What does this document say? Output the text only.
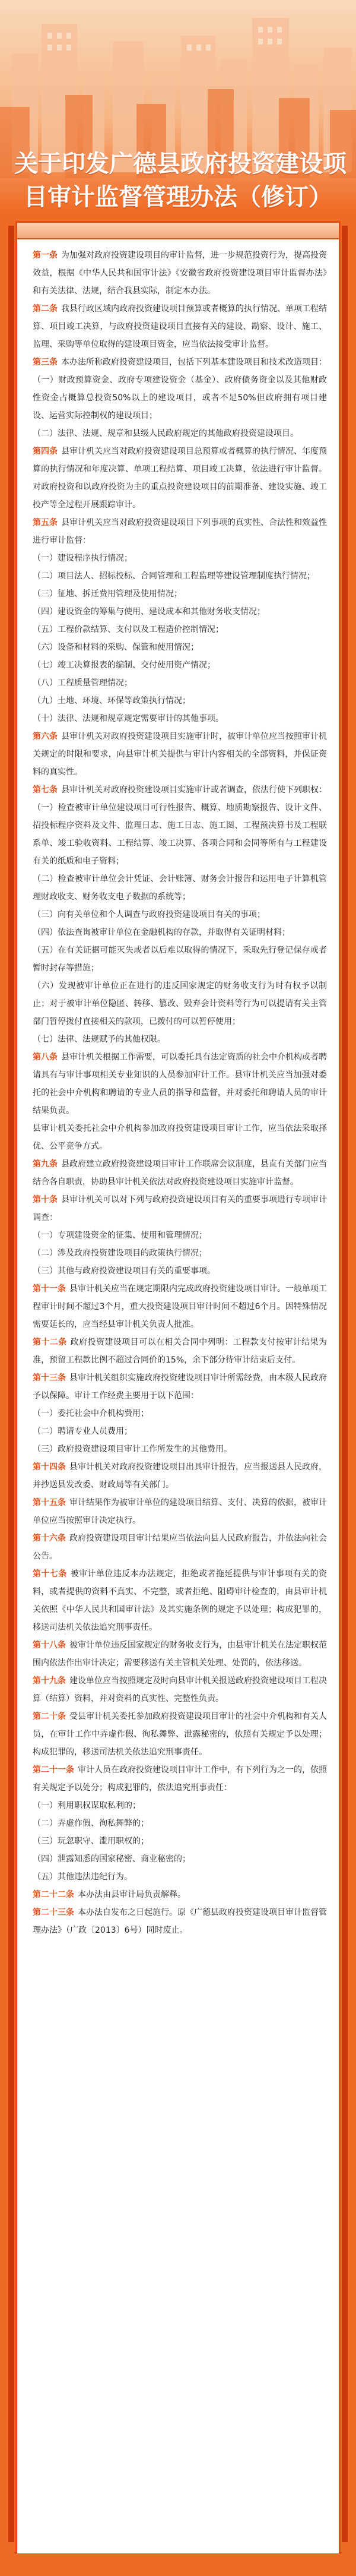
关于印发广德县政府投资建设项
目审计监督管理办法（修订）

第一条 为加强对政府投资建设项目的审计监督，进一步规范投资行为，提高投资效益，根据《中华人民共和国审计法》《安徽省政府投资建设项目审计监督办法》和有关法律、法规，结合我县实际，制定本办法。

第二条 我县行政区域内政府投资建设项目预算或者概算的执行情况、单项工程结算、项目竣工决算，与政府投资建设项目直接有关的建设、勘察、设计、施工、监理、采购等单位取得的建设项目资金，应当依法接受审计监督。

第三条 本办法所称政府投资建设项目，包括下列基本建设项目和技术改造项目：

（一）财政预算资金、政府专项建设资金（基金）、政府债务资金以及其他财政性资金占概算总投资50%以上的建设项目，或者不足50%但政府拥有项目建设、运营实际控制权的建设项目；

（二）法律、法规、规章和县级人民政府规定的其他政府投资建设项目。

第四条 县审计机关应当对政府投资建设项目总预算或者概算的执行情况、年度预算的执行情况和年度决算、单项工程结算、项目竣工决算，依法进行审计监督。对政府投资和以政府投资为主的重点投资建设项目的前期准备、建设实施、竣工投产等全过程开展跟踪审计。

第五条 县审计机关应当对政府投资建设项目下列事项的真实性、合法性和效益性进行审计监督：

（一）建设程序执行情况；

（二）项目法人、招标投标、合同管理和工程监理等建设管理制度执行情况；

（三）征地、拆迁费用管理及使用情况；

（四）建设资金的筹集与使用、建设成本和其他财务收支情况；

（五）工程价款结算、支付以及工程造价控制情况；

（六）设备和材料的采购、保管和使用情况；

（七）竣工决算报表的编制、交付使用资产情况；

（八）工程质量管理情况；

（九）土地、环境、环保等政策执行情况；

（十）法律、法规和规章规定需要审计的其他事项。

第六条 县审计机关对政府投资建设项目实施审计时，被审计单位应当按照审计机关规定的时限和要求，向县审计机关提供与审计内容相关的全部资料，并保证资料的真实性。

第七条 县审计机关对政府投资建设项目实施审计或者调查，依法行使下列职权：

（一）检查被审计单位建设项目可行性报告、概算、地质勘察报告、设计文件、招投标程序资料及文件、监理日志、施工日志、施工图、工程预决算书及工程联系单、竣工验收资料、工程结算、竣工决算、各项合同和会同等所有与工程建设有关的纸质和电子资料；

（二）检查被审计单位会计凭证、会计账簿、财务会计报告和运用电子计算机管理财政收支、财务收支电子数据的系统等；

（三）向有关单位和个人调查与政府投资建设项目有关的事项；

（四）依法查询被审计单位在金融机构的存款，并取得有关证明材料；

（五）在有关证据可能灭失或者以后难以取得的情况下，采取先行登记保存或者暂时封存等措施；

（六）发现被审计单位正在进行的违反国家规定的财务收支行为时有权予以制止；对于被审计单位隐匿、转移、篡改、毁弃会计资料等行为可以提请有关主管部门暂停拨付直接相关的款项，已拨付的可以暂停使用；

（七）法律、法规赋予的其他权限。

第八条 县审计机关根据工作需要，可以委托具有法定资质的社会中介机构或者聘请具有与审计事项相关专业知识的人员参加审计工作。县审计机关应当加强对委托的社会中介机构和聘请的专业人员的指导和监督，并对委托和聘请人员的审计结果负责。

县审计机关委托社会中介机构参加政府投资建设项目审计工作，应当依法采取择优、公平竞争方式。

第九条 县政府建立政府投资建设项目审计工作联席会议制度，县直有关部门应当结合各自职责，协助县审计机关依法对政府投资建设项目实施审计监督。

第十条 县审计机关可以对下列与政府投资建设项目有关的重要事项进行专项审计调查：

（一）专项建设资金的征集、使用和管理情况；

（二）涉及政府投资建设项目的政策执行情况；

（三）其他与政府投资建设项目有关的重要事项。

第十一条 县审计机关应当在规定期限内完成政府投资建设项目审计。一般单项工程审计时间不超过3个月，重大投资建设项目审计时间不超过6个月。因特殊情况需要延长的，应当经县审计机关负责人批准。

第十二条 政府投资建设项目可以在相关合同中列明：工程款支付按审计结果为准，预留工程款比例不超过合同价的15%，余下部分待审计结束后支付。

第十三条 县审计机关组织实施政府投资建设项目审计所需经费，由本级人民政府予以保障。审计工作经费主要用于以下范围：

（一）委托社会中介机构费用；

（二）聘请专业人员费用；

（三）政府投资建设项目审计工作所发生的其他费用。

第十四条 县审计机关对政府投资建设项目出具审计报告，应当报送县人民政府，并抄送县发改委、财政局等有关部门。

第十五条 审计结果作为被审计单位的建设项目结算、支付、决算的依据，被审计单位应当按照审计决定执行。

第十六条 政府投资建设项目审计结果应当依法向县人民政府报告，并依法向社会公告。

第十七条 被审计单位违反本办法规定，拒绝或者拖延提供与审计事项有关的资料，或者提供的资料不真实、不完整，或者拒绝、阻碍审计检查的，由县审计机关依照《中华人民共和国审计法》及其实施条例的规定予以处理；构成犯罪的，移送司法机关依法追究刑事责任。

第十八条 被审计单位违反国家规定的财务收支行为，由县审计机关在法定职权范围内依法作出审计决定；需要移送有关主管机关处理、处罚的，依法移送。

第十九条 建设单位应当按照规定及时向县审计机关报送政府投资建设项目工程决算（结算）资料，并对资料的真实性、完整性负责。

第二十条 受县审计机关委托参加政府投资建设项目审计的社会中介机构和有关人员，在审计工作中弄虚作假、徇私舞弊、泄露秘密的，依照有关规定予以处理；构成犯罪的，移送司法机关依法追究刑事责任。

第二十一条 审计人员在政府投资建设项目审计工作中，有下列行为之一的，依照有关规定予以处分；构成犯罪的，依法追究刑事责任：

（一）利用职权谋取私利的；

（二）弄虚作假、徇私舞弊的；

（三）玩忽职守、滥用职权的；

（四）泄露知悉的国家秘密、商业秘密的；

（五）其他违法违纪行为。

第二十二条 本办法由县审计局负责解释。

第二十三条 本办法自发布之日起施行。原《广德县政府投资建设项目审计监督管理办法》（广政〔2013〕6号）同时废止。
